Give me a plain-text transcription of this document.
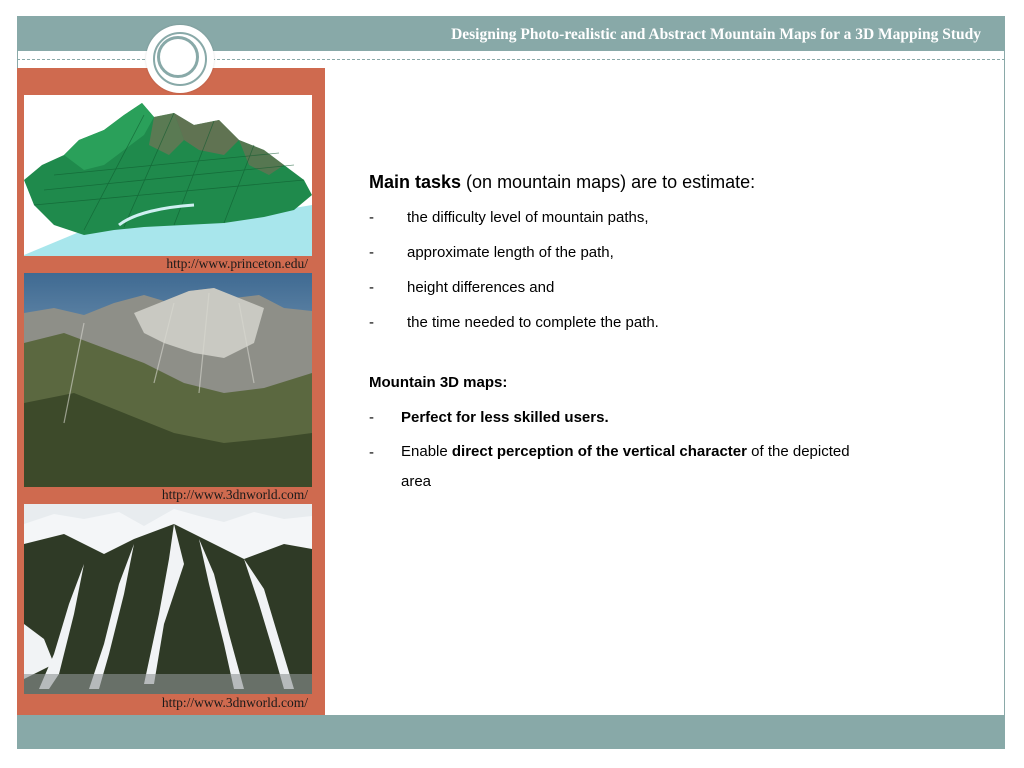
Designing Photo-realistic and Abstract Mountain Maps for a 3D Mapping Study
http://www.princeton.edu/
http://www.3dnworld.com/
http://www.3dnworld.com/
Main tasks (on mountain maps) are to estimate:
- the difficulty level of mountain paths,
- approximate length of the path,
- height differences and
- the time needed to complete the path.
Mountain 3D maps:
- Perfect for less skilled users.
- Enable direct perception of the vertical character of the depicted area
